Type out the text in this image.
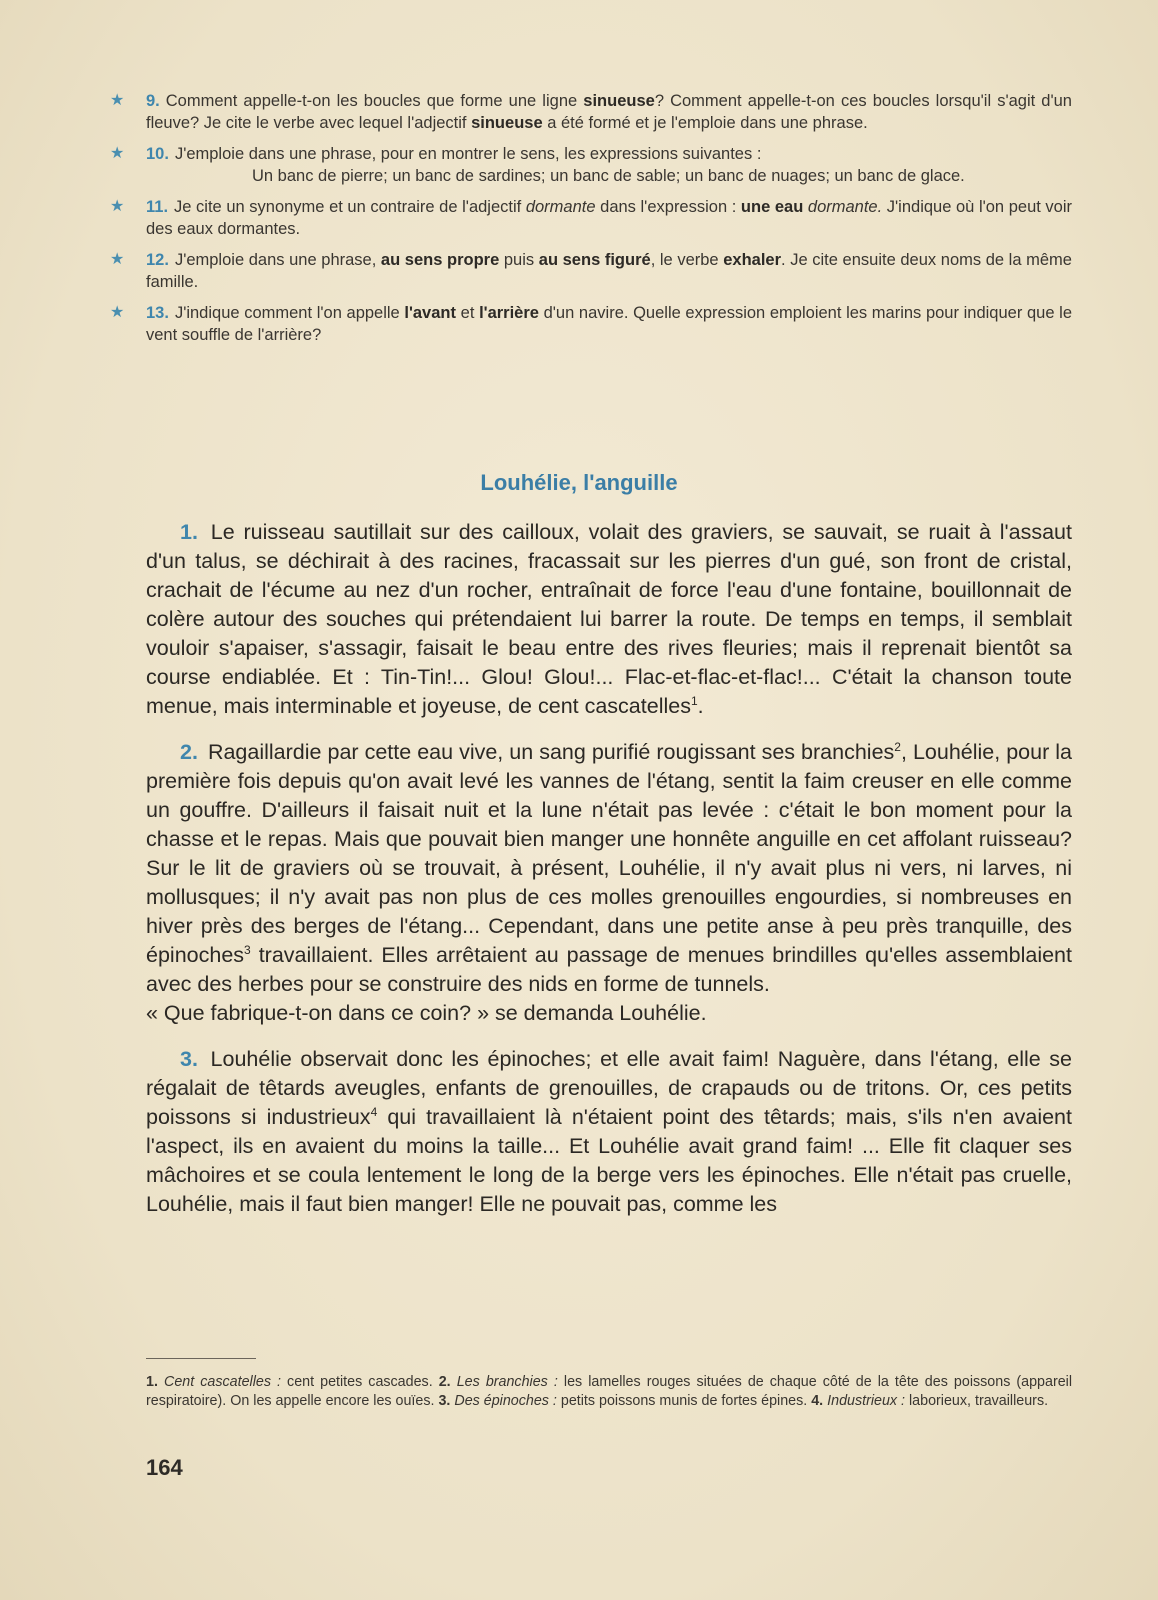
★ 9. Comment appelle-t-on les boucles que forme une ligne sinueuse? Comment appelle-t-on ces boucles lorsqu'il s'agit d'un fleuve? Je cite le verbe avec lequel l'adjectif sinueuse a été formé et je l'emploie dans une phrase.
★ 10. J'emploie dans une phrase, pour en montrer le sens, les expressions suivantes :
Un banc de pierre; un banc de sardines; un banc de sable; un banc de nuages; un banc de glace.
★ 11. Je cite un synonyme et un contraire de l'adjectif dormante dans l'expression : une eau dormante. J'indique où l'on peut voir des eaux dormantes.
★ 12. J'emploie dans une phrase, au sens propre puis au sens figuré, le verbe exhaler. Je cite ensuite deux noms de la même famille.
★ 13. J'indique comment l'on appelle l'avant et l'arrière d'un navire. Quelle expression emploient les marins pour indiquer que le vent souffle de l'arrière?
Louhélie, l'anguille

1. Le ruisseau sautillait sur des cailloux, volait des graviers, se sauvait, se ruait à l'assaut d'un talus, se déchirait à des racines, fracassait sur les pierres d'un gué, son front de cristal, crachait de l'écume au nez d'un rocher, entraînait de force l'eau d'une fontaine, bouillonnait de colère autour des souches qui prétendaient lui barrer la route. De temps en temps, il semblait vouloir s'apaiser, s'assagir, faisait le beau entre des rives fleuries; mais il reprenait bientôt sa course endiablée. Et : Tin-Tin!... Glou! Glou!... Flac-et-flac-et-flac!... C'était la chanson toute menue, mais interminable et joyeuse, de cent cascatelles$^1$.

2. Ragaillardie par cette eau vive, un sang purifié rougissant ses branchies$^2$, Louhélie, pour la première fois depuis qu'on avait levé les vannes de l'étang, sentit la faim creuser en elle comme un gouffre. D'ailleurs il faisait nuit et la lune n'était pas levée : c'était le bon moment pour la chasse et le repas. Mais que pouvait bien manger une honnête anguille en cet affolant ruisseau? Sur le lit de graviers où se trouvait, à présent, Louhélie, il n'y avait plus ni vers, ni larves, ni mollusques; il n'y avait pas non plus de ces molles grenouilles engourdies, si nombreuses en hiver près des berges de l'étang... Cependant, dans une petite anse à peu près tranquille, des épinoches$^3$ travaillaient. Elles arrêtaient au passage de menues brindilles qu'elles assemblaient avec des herbes pour se construire des nids en forme de tunnels.

« Que fabrique-t-on dans ce coin? » se demanda Louhélie.

3. Louhélie observait donc les épinoches; et elle avait faim! Naguère, dans l'étang, elle se régalait de têtards aveugles, enfants de grenouilles, de crapauds ou de tritons. Or, ces petits poissons si industrieux$^4$ qui travaillaient là n'étaient point des têtards; mais, s'ils n'en avaient l'aspect, ils en avaient du moins la taille... Et Louhélie avait grand faim! ... Elle fit claquer ses mâchoires et se coula lentement le long de la berge vers les épinoches. Elle n'était pas cruelle, Louhélie, mais il faut bien manger! Elle ne pouvait pas, comme les

1. Cent cascatelles : cent petites cascades. 2. Les branchies : les lamelles rouges situées de chaque côté de la tête des poissons (appareil respiratoire). On les appelle encore les ouïes. 3. Des épinoches : petits poissons munis de fortes épines. 4. Industrieux : laborieux, travailleurs.
164
